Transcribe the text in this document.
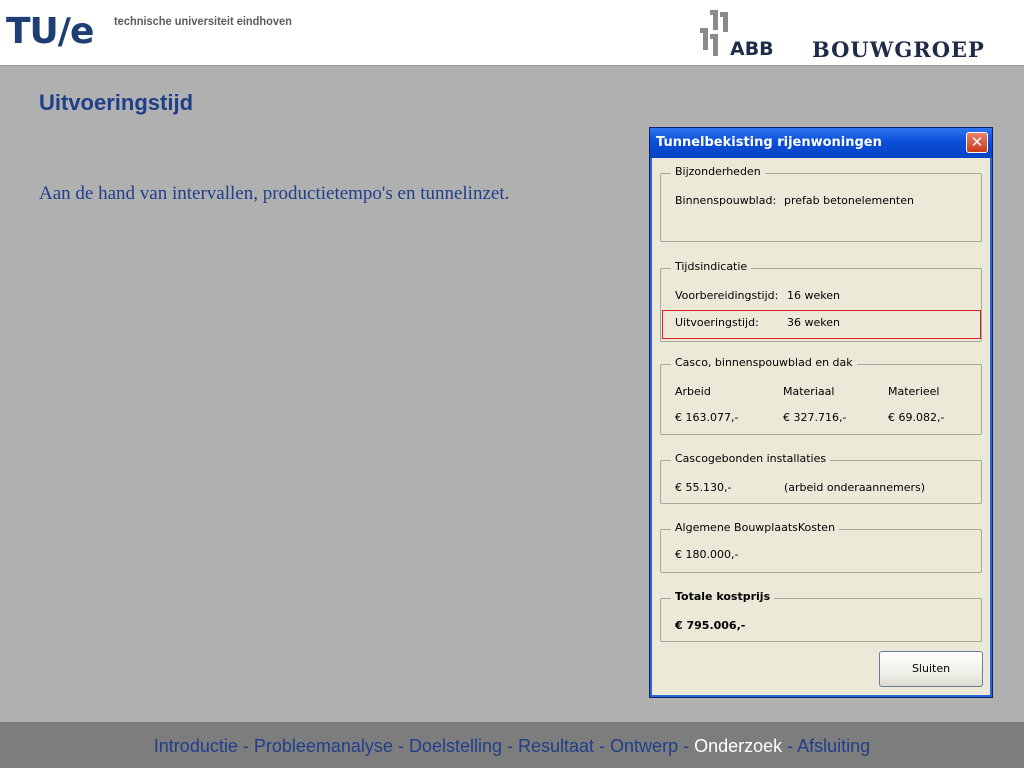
TU/e technische universiteit eindhoven
ABB BOUWGROEP
Uitvoeringstijd
Aan de hand van intervallen, productietempo's en tunnelinzet.
Tunnelbekisting rijenwoningen	✕
Bijzonderheden
Binnenspouwblad: prefab betonelementen
Tijdsindicatie
Voorbereidingstijd: 16 weken
Uitvoeringstijd:	36 weken
Casco, binnenspouwblad en dak
Arbeid	Materiaal	Materieel
€ 163.077,-	€ 327.716,-	€ 69.082,-
Cascogebonden installaties
€ 55.130,-	(arbeid onderaannemers)
Algemene BouwplaatsKosten
€ 180.000,-
Totale kostprijs
€ 795.006,-
Sluiten
Introductie - Probleemanalyse - Doelstelling - Resultaat - Ontwerp - Onderzoek - Afsluiting
